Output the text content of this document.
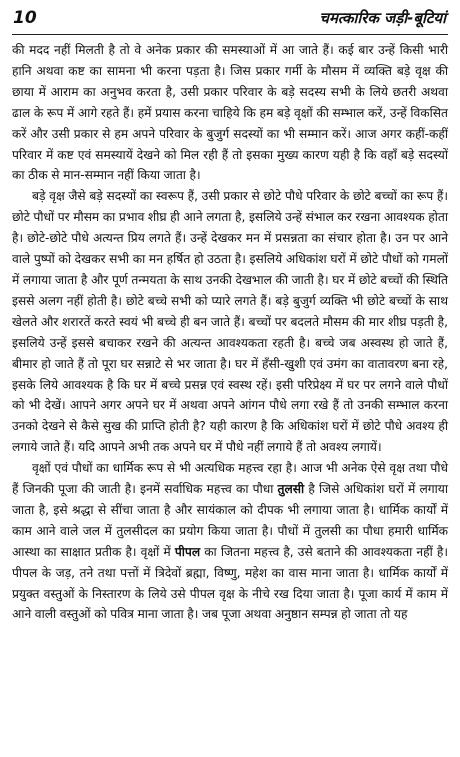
10	चमत्कारिक जड़ी-बूटियां

की मदद नहीं मिलती है तो वे अनेक प्रकार की समस्याओं में आ जाते हैं। कई बार उन्हें किसी भारी हानि अथवा कष्ट का सामना भी करना पड़ता है। जिस प्रकार गर्मी के मौसम में व्यक्ति बड़े वृक्ष की छाया में आराम का अनुभव करता है, उसी प्रकार परिवार के बड़े सदस्य सभी के लिये छतरी अथवा ढाल के रूप में आगे रहते हैं। हमें प्रयास करना चाहिये कि हम बड़े वृक्षों की सम्भाल करें, उन्हें विकसित करें और उसी प्रकार से हम अपने परिवार के बुजुर्ग सदस्यों का भी सम्मान करें। आज अगर कहीं-कहीं परिवार में कष्ट एवं समस्यायें देखने को मिल रही हैं तो इसका मुख्य कारण यही है कि वहाँ बड़े सदस्यों का ठीक से मान-सम्मान नहीं किया जाता है।

बड़े वृक्ष जैसे बड़े सदस्यों का स्वरूप हैं, उसी प्रकार से छोटे पौधे परिवार के छोटे बच्चों का रूप हैं। छोटे पौधों पर मौसम का प्रभाव शीघ्र ही आने लगता है, इसलिये उन्हें संभाल कर रखना आवश्यक होता है। छोटे-छोटे पौधे अत्यन्त प्रिय लगते हैं। उन्हें देखकर मन में प्रसन्नता का संचार होता है। उन पर आने वाले पुष्पों को देखकर सभी का मन हर्षित हो उठता है। इसलिये अधिकांश घरों में छोटे पौधों को गमलों में लगाया जाता है और पूर्ण तन्मयता के साथ उनकी देखभाल की जाती है। घर में छोटे बच्चों की स्थिति इससे अलग नहीं होती है। छोटे बच्चे सभी को प्यारे लगते हैं। बड़े बुजुर्ग व्यक्ति भी छोटे बच्चों के साथ खेलते और शरारतें करते स्वयं भी बच्चे ही बन जाते हैं। बच्चों पर बदलते मौसम की मार शीघ्र पड़ती है, इसलिये उन्हें इससे बचाकर रखने की अत्यन्त आवश्यकता रहती है। बच्चे जब अस्वस्थ हो जाते हैं, बीमार हो जाते हैं तो पूरा घर सन्नाटे से भर जाता है। घर में हँसी-खुशी एवं उमंग का वातावरण बना रहे, इसके लिये आवश्यक है कि घर में बच्चे प्रसन्न एवं स्वस्थ रहें। इसी परिप्रेक्ष्य में घर पर लगने वाले पौधों को भी देखें। आपने अगर अपने घर में अथवा अपने आंगन पौधे लगा रखे हैं तो उनकी सम्भाल करना उनको देखने से कैसे सुख की प्राप्ति होती है? यही कारण है कि अधिकांश घरों में छोटे पौधे अवश्य ही लगाये जाते हैं। यदि आपने अभी तक अपने घर में पौधे नहीं लगाये हैं तो अवश्य लगायें।

वृक्षों एवं पौधों का धार्मिक रूप से भी अत्यधिक महत्त्व रहा है। आज भी अनेक ऐसे वृक्ष तथा पौधे हैं जिनकी पूजा की जाती है। इनमें सर्वाधिक महत्त्व का पौधा तुलसी है जिसे अधिकांश घरों में लगाया जाता है, इसे श्रद्धा से सींचा जाता है और सायंकाल को दीपक भी लगाया जाता है। धार्मिक कार्यों में काम आने वाले जल में तुलसीदल का प्रयोग किया जाता है। पौधों में तुलसी का पौधा हमारी धार्मिक आस्था का साक्षात प्रतीक है। वृक्षों में पीपल का जितना महत्त्व है, उसे बताने की आवश्यकता नहीं है। पीपल के जड़, तने तथा पत्तों में त्रिदेवों ब्रह्मा, विष्णु, महेश का वास माना जाता है। धार्मिक कार्यों में प्रयुक्त वस्तुओं के निस्तारण के लिये उसे पीपल वृक्ष के नीचे रख दिया जाता है। पूजा कार्य में काम में आने वाली वस्तुओं को पवित्र माना जाता है। जब पूजा अथवा अनुष्ठान सम्पन्न हो जाता तो यह
